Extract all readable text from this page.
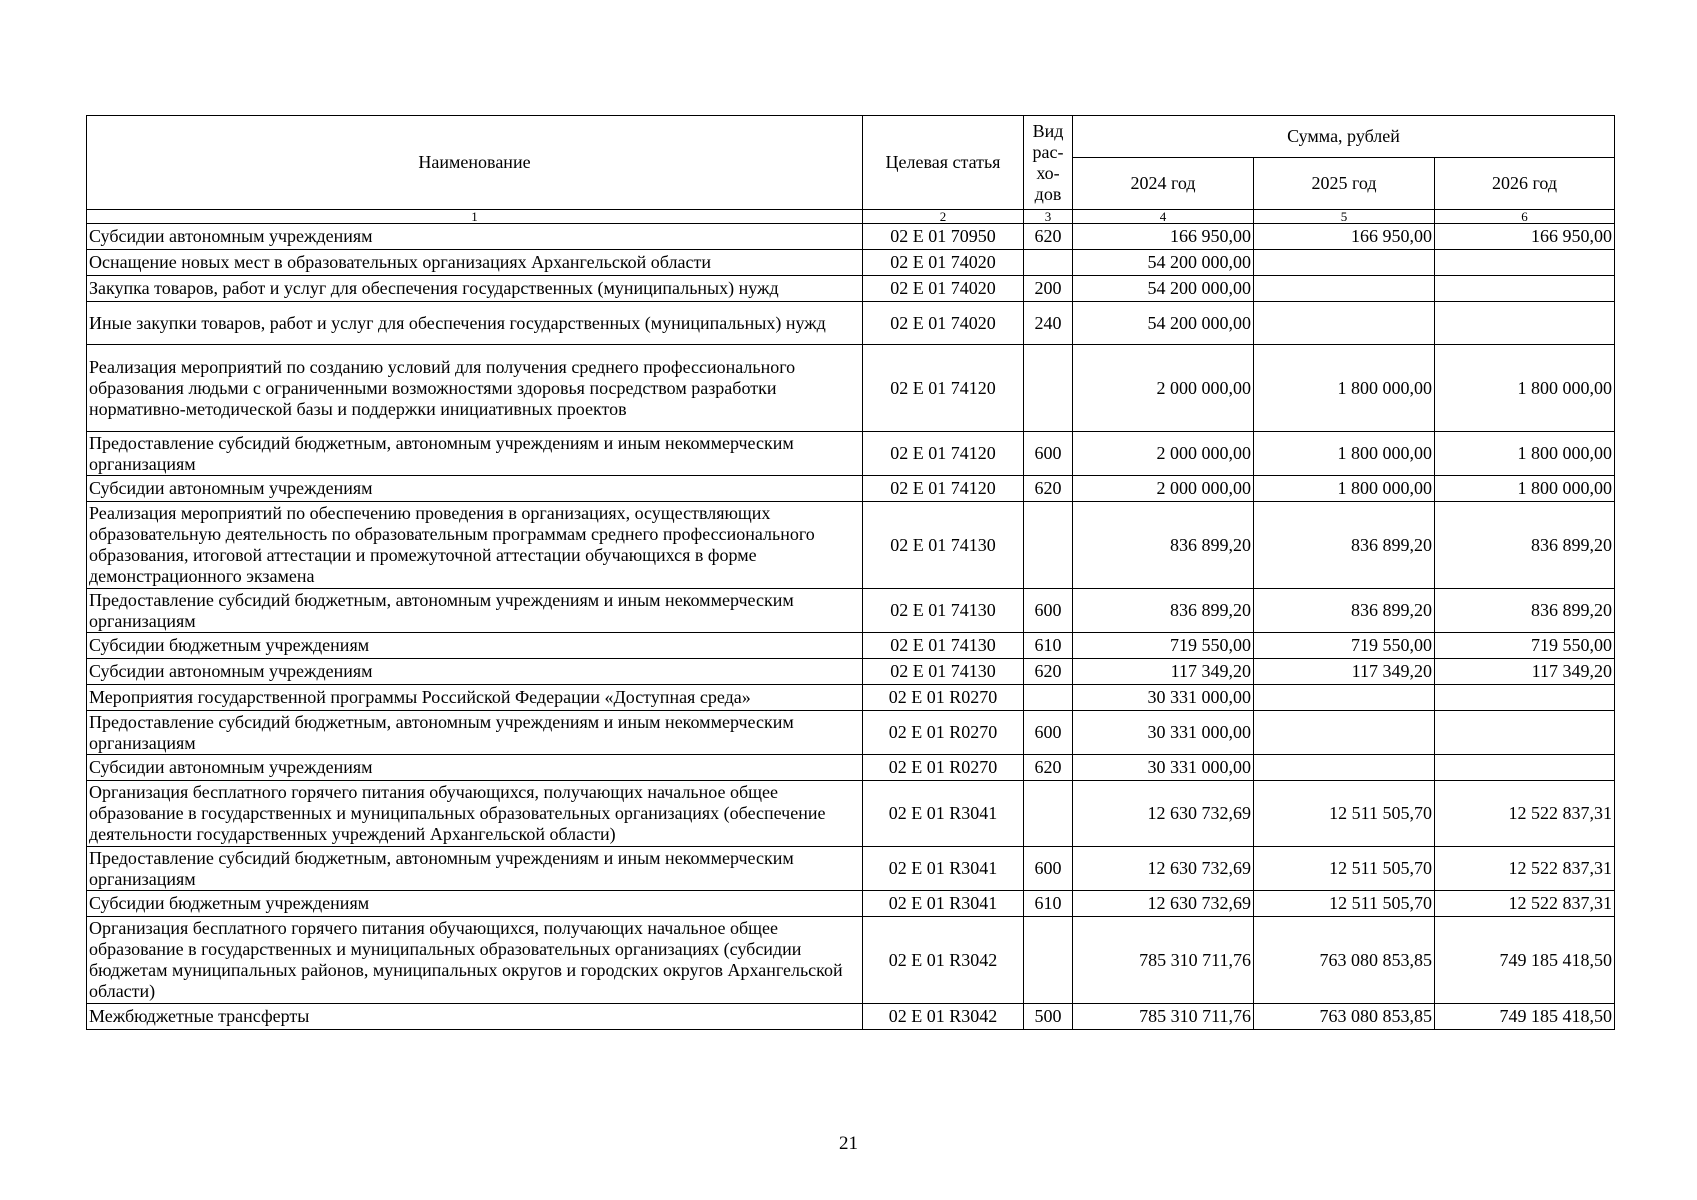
Наименование	Целевая статья	Вид рас-хо-дов	Сумма, рублей		
			2024 год	2025 год	2026 год
1	2	3	4	5	6
Субсидии автономным учреждениям	02 E 01 70950	620	166 950,00	166 950,00	166 950,00
Оснащение новых мест в образовательных организациях Архангельской области	02 E 01 74020		54 200 000,00		
Закупка товаров, работ и услуг для обеспечения государственных (муниципальных) нужд	02 E 01 74020	200	54 200 000,00		
Иные закупки товаров, работ и услуг для обеспечения государственных (муниципальных) нужд	02 E 01 74020	240	54 200 000,00		
Реализация мероприятий по созданию условий для получения среднего профессионального образования людьми с ограниченными возможностями здоровья посредством разработки нормативно-методической базы и поддержки инициативных проектов	02 E 01 74120		2 000 000,00	1 800 000,00	1 800 000,00
Предоставление субсидий бюджетным, автономным учреждениям и иным некоммерческим организациям	02 E 01 74120	600	2 000 000,00	1 800 000,00	1 800 000,00
Субсидии автономным учреждениям	02 E 01 74120	620	2 000 000,00	1 800 000,00	1 800 000,00
Реализация мероприятий по обеспечению проведения в организациях, осуществляющих образовательную деятельность по образовательным программам среднего профессионального образования, итоговой аттестации и промежуточной аттестации обучающихся в форме демонстрационного экзамена	02 E 01 74130		836 899,20	836 899,20	836 899,20
Предоставление субсидий бюджетным, автономным учреждениям и иным некоммерческим организациям	02 E 01 74130	600	836 899,20	836 899,20	836 899,20
Субсидии бюджетным учреждениям	02 E 01 74130	610	719 550,00	719 550,00	719 550,00
Субсидии автономным учреждениям	02 E 01 74130	620	117 349,20	117 349,20	117 349,20
Мероприятия государственной программы Российской Федерации «Доступная среда»	02 E 01 R0270		30 331 000,00		
Предоставление субсидий бюджетным, автономным учреждениям и иным некоммерческим организациям	02 E 01 R0270	600	30 331 000,00		
Субсидии автономным учреждениям	02 E 01 R0270	620	30 331 000,00		
Организация бесплатного горячего питания обучающихся, получающих начальное общее образование в государственных и муниципальных образовательных организациях (обеспечение деятельности государственных учреждений Архангельской области)	02 E 01 R3041		12 630 732,69	12 511 505,70	12 522 837,31
Предоставление субсидий бюджетным, автономным учреждениям и иным некоммерческим организациям	02 E 01 R3041	600	12 630 732,69	12 511 505,70	12 522 837,31
Субсидии бюджетным учреждениям	02 E 01 R3041	610	12 630 732,69	12 511 505,70	12 522 837,31
Организация бесплатного горячего питания обучающихся, получающих начальное общее образование в государственных и муниципальных образовательных организациях (субсидии бюджетам муниципальных районов, муниципальных округов и городских округов Архангельской области)	02 E 01 R3042		785 310 711,76	763 080 853,85	749 185 418,50
Межбюджетные трансферты	02 E 01 R3042	500	785 310 711,76	763 080 853,85	749 185 418,50
21
